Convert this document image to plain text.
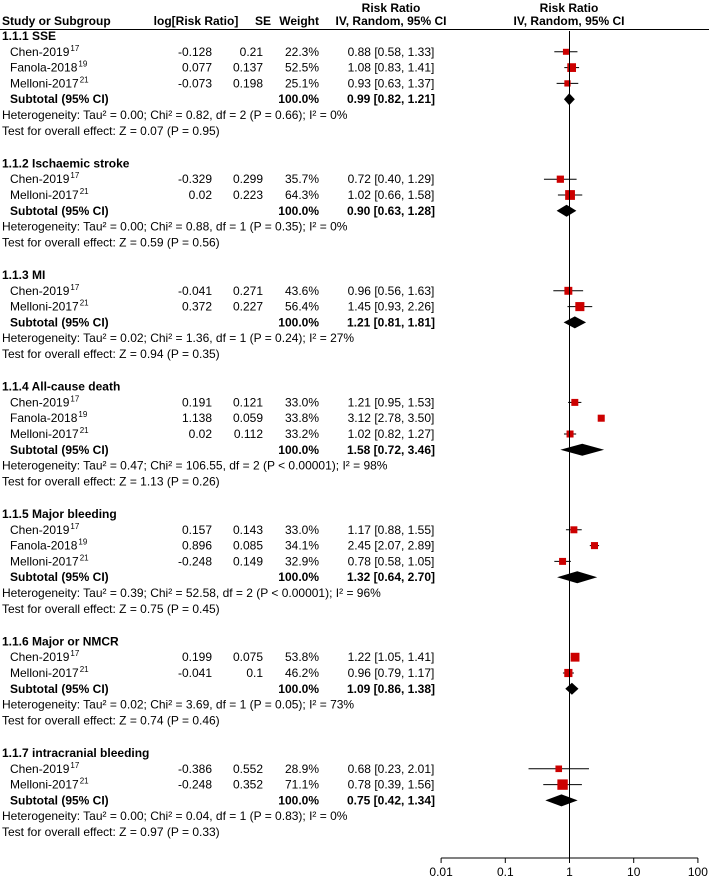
Study or Subgroup	log[Risk Ratio] SE Weight
Risk Ratio
IV, Random, 95% CI
Risk Ratio
IV, Random, 95% CI
1.1.1 SSE
Chen-2019 17	-0.128 0.21 22.3% 0.88 [0.58, 1.33]
Fanola-2018 19	0.077 0.137 52.5% 1.08 [0.83, 1.41]
Melloni-2017 21	-0.073 0.198 25.1% 0.93 [0.63, 1.37]
Subtotal (95% CI)	100.0% 0.99 [0.82, 1.21]
Heterogeneity: Tau² = 0.00; Chi² = 0.82, df = 2 (P = 0.66); I² = 0%
Test for overall effect: Z = 0.07 (P = 0.95)
1.1.2 Ischaemic stroke
Chen-2019 17	-0.329 0.299 35.7% 0.72 [0.40, 1.29]
Melloni-2017 21	0.02 0.223 64.3% 1.02 [0.66, 1.58]
Subtotal (95% CI)	100.0% 0.90 [0.63, 1.28]
Heterogeneity: Tau² = 0.00; Chi² = 0.88, df = 1 (P = 0.35); I² = 0%
Test for overall effect: Z = 0.59 (P = 0.56)
1.1.3 MI
Chen-2019 17	-0.041 0.271 43.6% 0.96 [0.56, 1.63]
Melloni-2017 21	0.372 0.227 56.4% 1.45 [0.93, 2.26]
Subtotal (95% CI)	100.0% 1.21 [0.81, 1.81]
Heterogeneity: Tau² = 0.02; Chi² = 1.36, df = 1 (P = 0.24); I² = 27%
Test for overall effect: Z = 0.94 (P = 0.35)
1.1.4 All-cause death
Chen-2019 17	0.191 0.121 33.0% 1.21 [0.95, 1.53]
Fanola-2018 19	1.138 0.059 33.8% 3.12 [2.78, 3.50]
Melloni-2017 21	0.02 0.112 33.2% 1.02 [0.82, 1.27]
Subtotal (95% CI)	100.0% 1.58 [0.72, 3.46]
Heterogeneity: Tau² = 0.47; Chi² = 106.55, df = 2 (P < 0.00001); I² = 98%
Test for overall effect: Z = 1.13 (P = 0.26)
1.1.5 Major bleeding
Chen-2019 17	0.157 0.143 33.0% 1.17 [0.88, 1.55]
Fanola-2018 19	0.896 0.085 34.1% 2.45 [2.07, 2.89]
Melloni-2017 21	-0.248 0.149 32.9% 0.78 [0.58, 1.05]
Subtotal (95% CI)	100.0% 1.32 [0.64, 2.70]
Heterogeneity: Tau² = 0.39; Chi² = 52.58, df = 2 (P < 0.00001); I² = 96%
Test for overall effect: Z = 0.75 (P = 0.45)
1.1.6 Major or NMCR
Chen-2019 17	0.199 0.075 53.8% 1.22 [1.05, 1.41]
Melloni-2017 21	-0.041	0.1 46.2% 0.96 [0.79, 1.17]
Subtotal (95% CI)	100.0% 1.09 [0.86, 1.38]
Heterogeneity: Tau² = 0.02; Chi² = 3.69, df = 1 (P = 0.05); I² = 73%
Test for overall effect: Z = 0.74 (P = 0.46)
1.1.7 intracranial bleeding
Chen-2019 17	-0.386 0.552 28.9% 0.68 [0.23, 2.01]
Melloni-2017 21	-0.248 0.352 71.1% 0.78 [0.39, 1.56]
Subtotal (95% CI)	100.0% 0.75 [0.42, 1.34]
Heterogeneity: Tau² = 0.00; Chi² = 0.04, df = 1 (P = 0.83); I² = 0%
Test for overall effect: Z = 0.97 (P = 0.33)
0.01	0.1	1	10	100
